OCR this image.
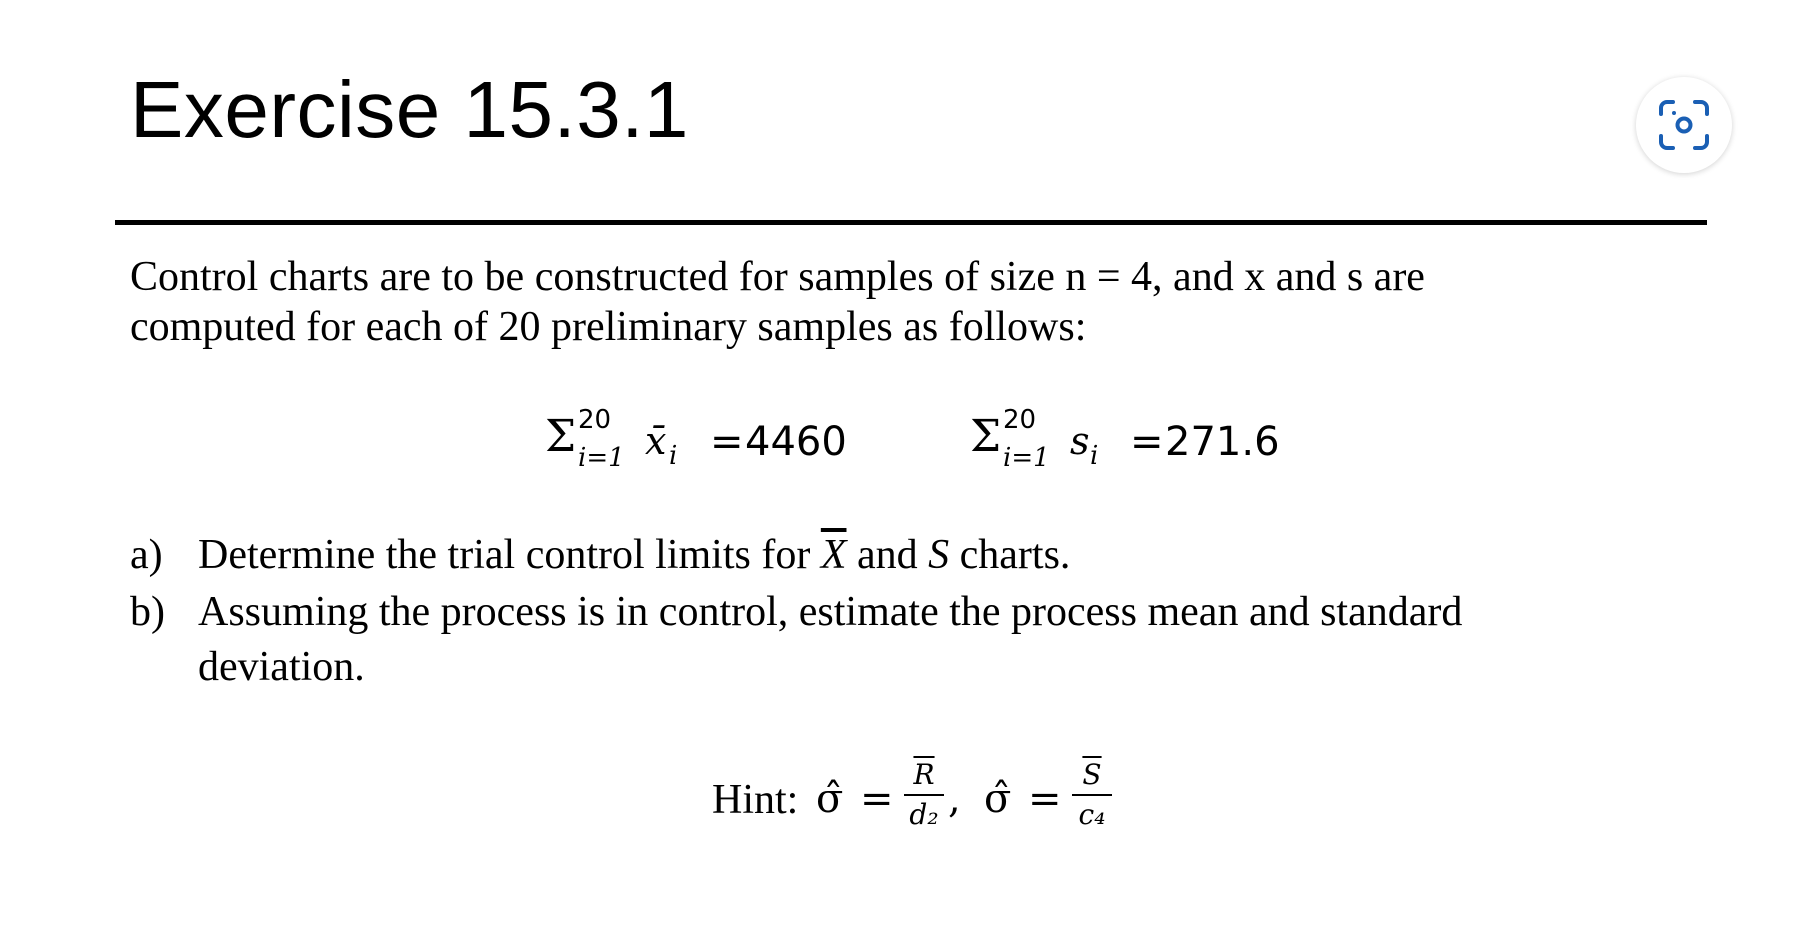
Exercise 15.3.1

Control charts are to be constructed for samples of size n = 4, and x and s are
computed for each of 20 preliminary samples as follows:

Σ 20
i=1 x̄ i = 4460	Σ 20
i=1 s i = 271.6
a) Determine the trial control limits for $\overline{X}$ and S charts.
b) Assuming the process is in control, estimate the process mean and standard
deviation.
Hint: σ̂ =
$\overline{R}$
d₂ , σ̂ =
$\overline{S}$
c₄
